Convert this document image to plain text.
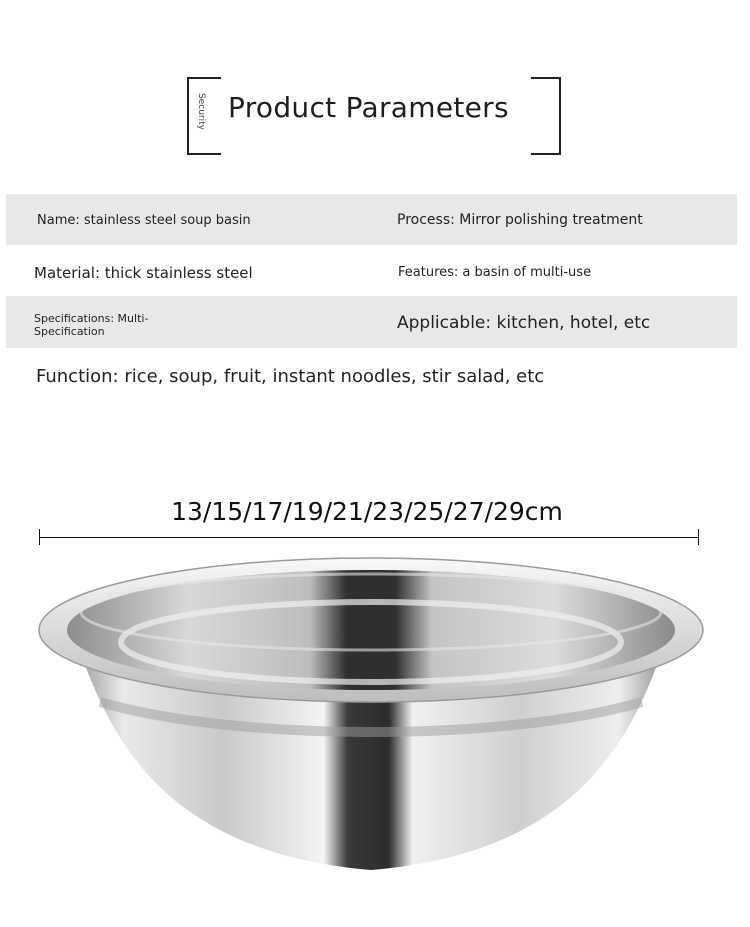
Security Product Parameters
Name: stainless steel soup basin	Process: Mirror polishing treatment
Material: thick stainless steel	Features: a basin of multi-use
Specifications: Multi-
Specification	Applicable: kitchen, hotel, etc
Function: rice, soup, fruit, instant noodles, stir salad, etc
13/15/17/19/21/23/25/27/29cm
